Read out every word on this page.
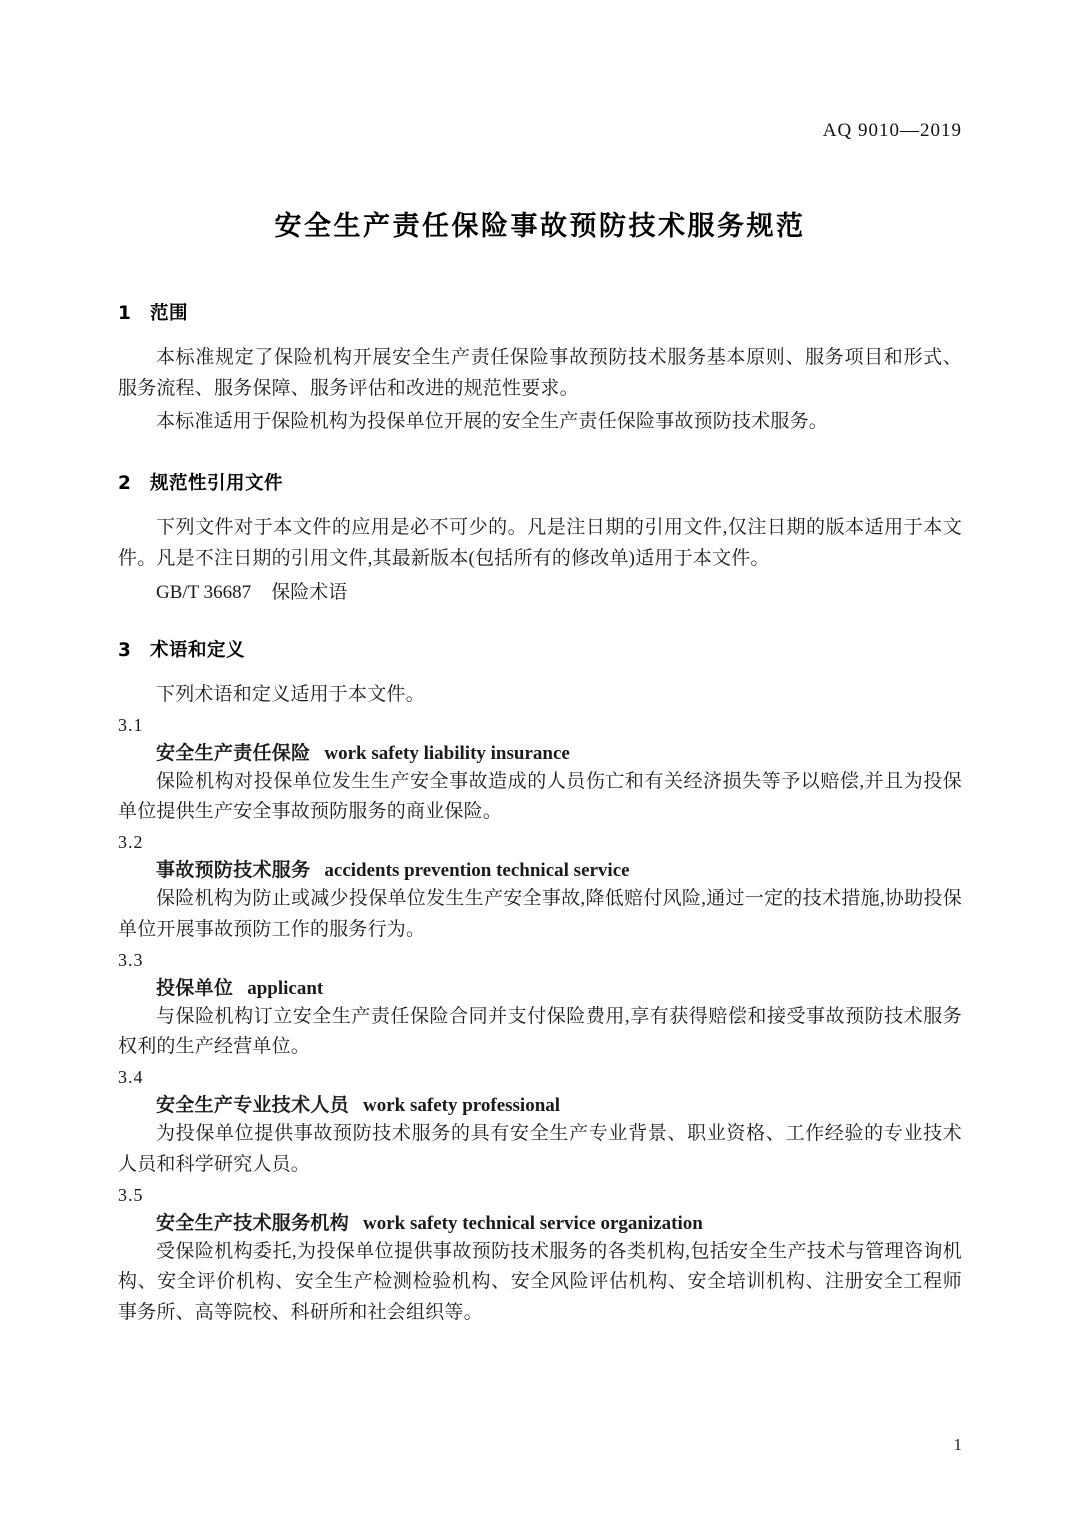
AQ 9010—2019
安全生产责任保险事故预防技术服务规范
1 范围

本标准规定了保险机构开展安全生产责任保险事故预防技术服务基本原则、服务项目和形式、服务流程、服务保障、服务评估和改进的规范性要求。

本标准适用于保险机构为投保单位开展的安全生产责任保险事故预防技术服务。

2 规范性引用文件

下列文件对于本文件的应用是必不可少的。凡是注日期的引用文件,仅注日期的版本适用于本文件。凡是不注日期的引用文件,其最新版本(包括所有的修改单)适用于本文件。

GB/T 36687 保险术语

3 术语和定义

下列术语和定义适用于本文件。

3.1
安全生产责任保险 work safety liability insurance

保险机构对投保单位发生生产安全事故造成的人员伤亡和有关经济损失等予以赔偿,并且为投保单位提供生产安全事故预防服务的商业保险。

3.2
事故预防技术服务 accidents prevention technical service

保险机构为防止或减少投保单位发生生产安全事故,降低赔付风险,通过一定的技术措施,协助投保单位开展事故预防工作的服务行为。

3.3
投保单位 applicant

与保险机构订立安全生产责任保险合同并支付保险费用,享有获得赔偿和接受事故预防技术服务权利的生产经营单位。

3.4
安全生产专业技术人员 work safety professional

为投保单位提供事故预防技术服务的具有安全生产专业背景、职业资格、工作经验的专业技术人员和科学研究人员。

3.5
安全生产技术服务机构 work safety technical service organization

受保险机构委托,为投保单位提供事故预防技术服务的各类机构,包括安全生产技术与管理咨询机构、安全评价机构、安全生产检测检验机构、安全风险评估机构、安全培训机构、注册安全工程师事务所、高等院校、科研所和社会组织等。

1
